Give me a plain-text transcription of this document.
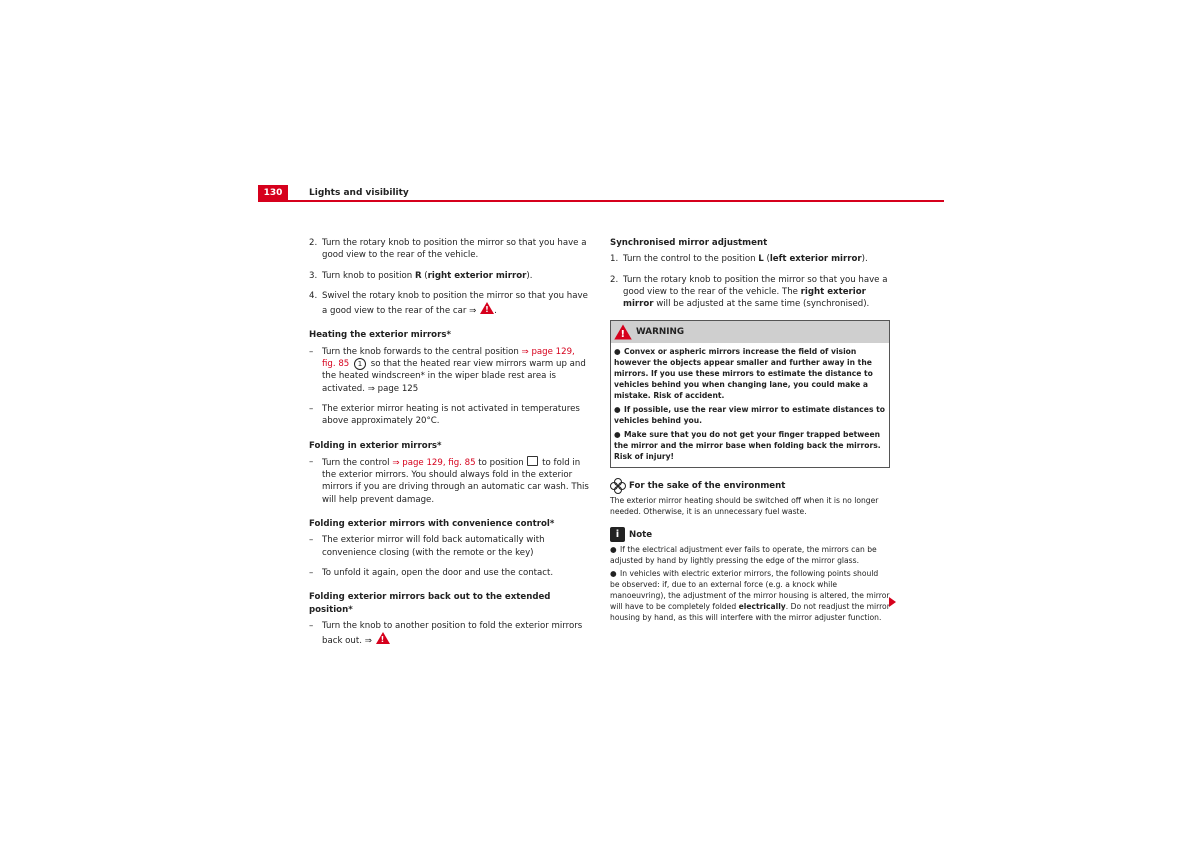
130	Lights and visibility
2. Turn the rotary knob to position the mirror so that you have a good view to the rear of the vehicle.
3. Turn knob to position R (right exterior mirror).
4. Swivel the rotary knob to position the mirror so that you have a good view to the rear of the car ⇒ ! .
Heating the exterior mirrors*
–	Turn the knob forwards to the central position ⇒ page 129,
fig. 85 1 so that the heated rear view mirrors warm up and the heated windscreen* in the wiper blade rest area is activated. ⇒ page 125
–	The exterior mirror heating is not activated in temperatures above approximately 20°C.
Folding in exterior mirrors*
–	Turn the control ⇒ page 129, fig. 85 to position  to fold in the exterior mirrors. You should always fold in the exterior mirrors if you are driving through an automatic car wash. This will help prevent damage.
Folding exterior mirrors with convenience control*
–	The exterior mirror will fold back automatically with convenience closing (with the remote or the key)
–	To unfold it again, open the door and use the contact.
Folding exterior mirrors back out to the extended position*
–	Turn the knob to another position to fold the exterior mirrors back out. ⇒ !
Synchronised mirror adjustment
1. Turn the control to the position L (left exterior mirror).
2. Turn the rotary knob to position the mirror so that you have a good view to the rear of the vehicle. The right exterior mirror will be adjusted at the same time (synchronised).
!
WARNING
● Convex or aspheric mirrors increase the field of vision however the objects appear smaller and further away in the mirrors. If you use these mirrors to estimate the distance to vehicles behind you when changing lane, you could make a mistake. Risk of accident.
● If possible, use the rear view mirror to estimate distances to vehicles behind you.
● Make sure that you do not get your finger trapped between the mirror and the mirror base when folding back the mirrors. Risk of injury!
For the sake of the environment
The exterior mirror heating should be switched off when it is no longer needed. Otherwise, it is an unnecessary fuel waste.
i	Note
● If the electrical adjustment ever fails to operate, the mirrors can be adjusted by hand by lightly pressing the edge of the mirror glass.
● In vehicles with electric exterior mirrors, the following points should be observed: if, due to an external force (e.g. a knock while manoeuvring), the adjustment of the mirror housing is altered, the mirror will have to be completely folded electrically. Do not readjust the mirror housing by hand, as this will interfere with the mirror adjuster function.
